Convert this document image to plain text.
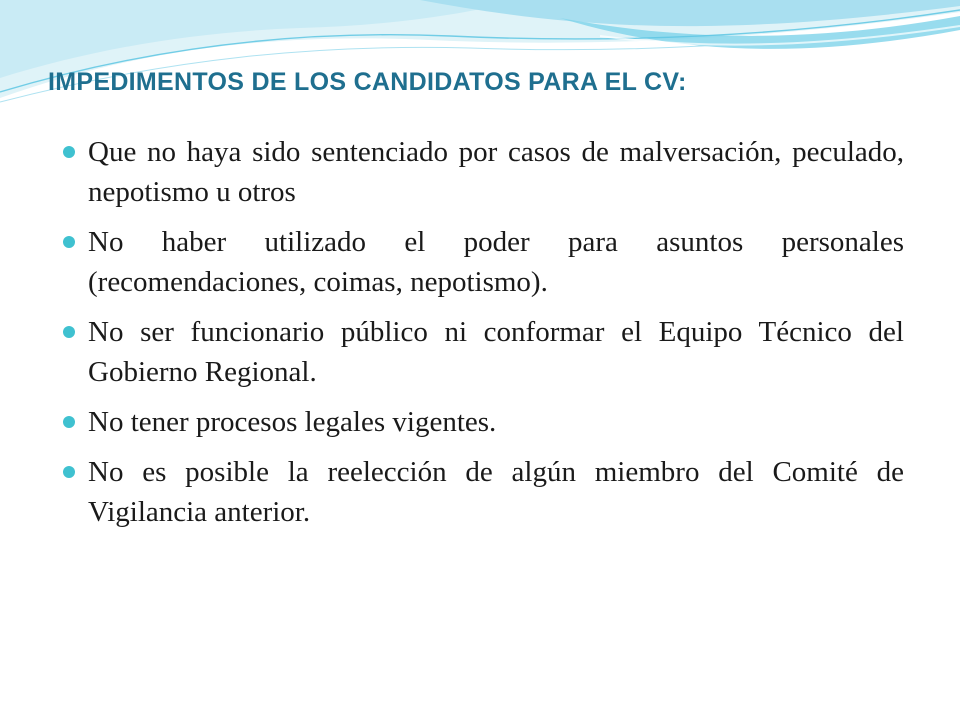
IMPEDIMENTOS DE LOS CANDIDATOS PARA EL CV:
Que no haya sido sentenciado por casos de malversación, peculado, nepotismo u otros
No haber utilizado el poder para asuntos personales (recomendaciones, coimas, nepotismo).
No ser funcionario público ni conformar el Equipo Técnico del Gobierno Regional.
No tener procesos legales vigentes.
No es posible la reelección de algún miembro del Comité de Vigilancia anterior.
